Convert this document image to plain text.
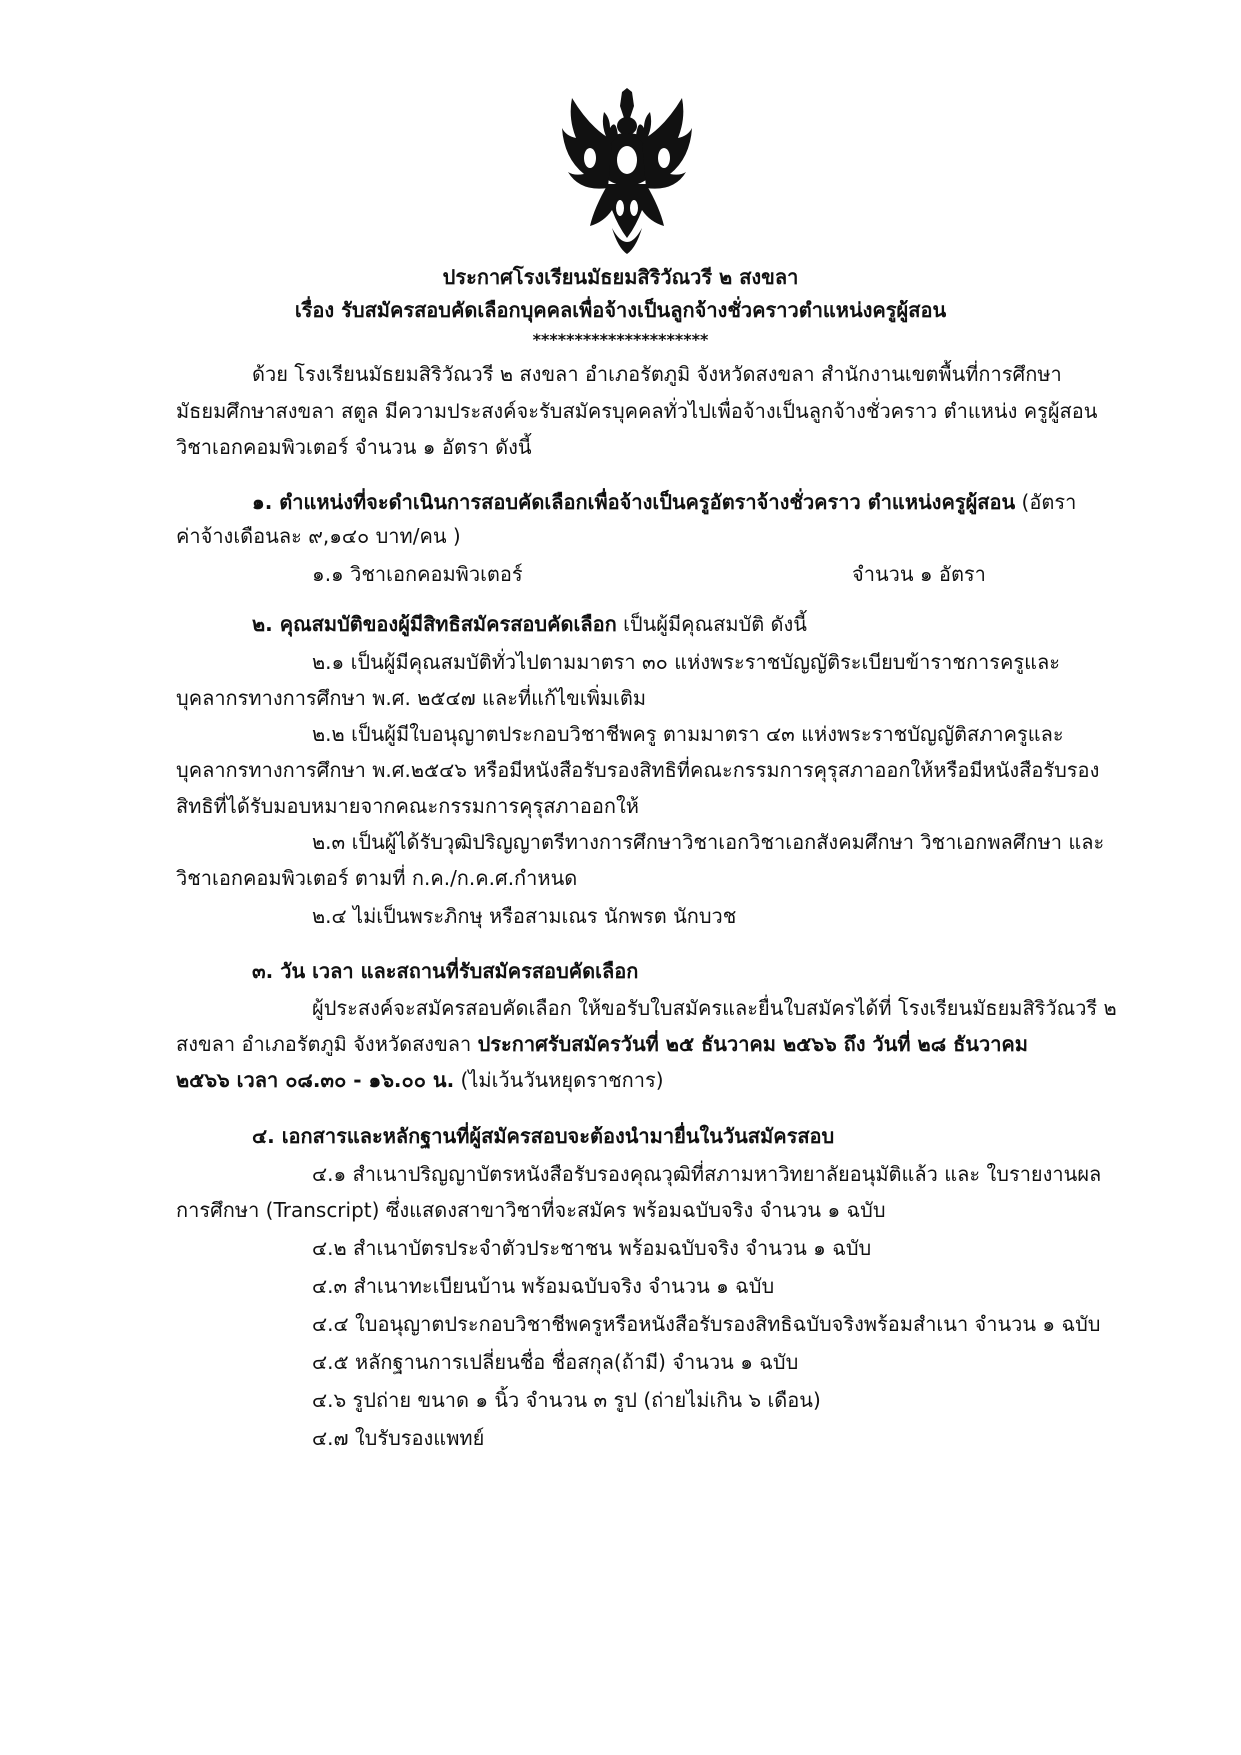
ประกาศโรงเรียนมัธยมสิริวัณวรี ๒ สงขลา
เรื่อง รับสมัครสอบคัดเลือกบุคคลเพื่อจ้างเป็นลูกจ้างชั่วคราวตำแหน่งครูผู้สอน
*********************
ด้วย โรงเรียนมัธยมสิริวัณวรี ๒ สงขลา อำเภอรัตภูมิ จังหวัดสงขลา สำนักงานเขตพื้นที่การศึกษา
มัธยมศึกษาสงขลา สตูล มีความประสงค์จะรับสมัครบุคคลทั่วไปเพื่อจ้างเป็นลูกจ้างชั่วคราว ตำแหน่ง ครูผู้สอน
วิชาเอกคอมพิวเตอร์ จำนวน ๑ อัตรา ดังนี้
๑. ตำแหน่งที่จะดำเนินการสอบคัดเลือกเพื่อจ้างเป็นครูอัตราจ้างชั่วคราว ตำแหน่งครูผู้สอน (อัตรา
ค่าจ้างเดือนละ ๙,๑๔๐ บาท/คน )
๑.๑ วิชาเอกคอมพิวเตอร์	จำนวน ๑ อัตรา
๒. คุณสมบัติของผู้มีสิทธิสมัครสอบคัดเลือก เป็นผู้มีคุณสมบัติ ดังนี้
๒.๑ เป็นผู้มีคุณสมบัติทั่วไปตามมาตรา ๓๐ แห่งพระราชบัญญัติระเบียบข้าราชการครูและ
บุคลากรทางการศึกษา พ.ศ. ๒๕๔๗ และที่แก้ไขเพิ่มเติม
๒.๒ เป็นผู้มีใบอนุญาตประกอบวิชาชีพครู ตามมาตรา ๔๓ แห่งพระราชบัญญัติสภาครูและ
บุคลากรทางการศึกษา พ.ศ.๒๕๔๖ หรือมีหนังสือรับรองสิทธิที่คณะกรรมการคุรุสภาออกให้หรือมีหนังสือรับรอง
สิทธิที่ได้รับมอบหมายจากคณะกรรมการคุรุสภาออกให้
๒.๓ เป็นผู้ได้รับวุฒิปริญญาตรีทางการศึกษาวิชาเอกวิชาเอกสังคมศึกษา วิชาเอกพลศึกษา และ
วิชาเอกคอมพิวเตอร์ ตามที่ ก.ค./ก.ค.ศ.กำหนด
๒.๔ ไม่เป็นพระภิกษุ หรือสามเณร นักพรต นักบวช
๓. วัน เวลา และสถานที่รับสมัครสอบคัดเลือก
ผู้ประสงค์จะสมัครสอบคัดเลือก ให้ขอรับใบสมัครและยื่นใบสมัครได้ที่ โรงเรียนมัธยมสิริวัณวรี ๒
สงขลา อำเภอรัตภูมิ จังหวัดสงขลา ประกาศรับสมัครวันที่ ๒๕ ธันวาคม ๒๕๖๖ ถึง วันที่ ๒๘ ธันวาคม
๒๕๖๖ เวลา ๐๘.๓๐ - ๑๖.๐๐ น. (ไม่เว้นวันหยุดราชการ)
๔. เอกสารและหลักฐานที่ผู้สมัครสอบจะต้องนำมายื่นในวันสมัครสอบ
๔.๑ สำเนาปริญญาบัตรหนังสือรับรองคุณวุฒิที่สภามหาวิทยาลัยอนุมัติแล้ว และ ใบรายงานผล
การศึกษา (Transcript) ซึ่งแสดงสาขาวิชาที่จะสมัคร พร้อมฉบับจริง จำนวน ๑ ฉบับ
๔.๒ สำเนาบัตรประจำตัวประชาชน พร้อมฉบับจริง จำนวน ๑ ฉบับ
๔.๓ สำเนาทะเบียนบ้าน พร้อมฉบับจริง จำนวน ๑ ฉบับ
๔.๔ ใบอนุญาตประกอบวิชาชีพครูหรือหนังสือรับรองสิทธิฉบับจริงพร้อมสำเนา จำนวน ๑ ฉบับ
๔.๕ หลักฐานการเปลี่ยนชื่อ ชื่อสกุล(ถ้ามี) จำนวน ๑ ฉบับ
๔.๖ รูปถ่าย ขนาด ๑ นิ้ว จำนวน ๓ รูป (ถ่ายไม่เกิน ๖ เดือน)
๔.๗ ใบรับรองแพทย์
